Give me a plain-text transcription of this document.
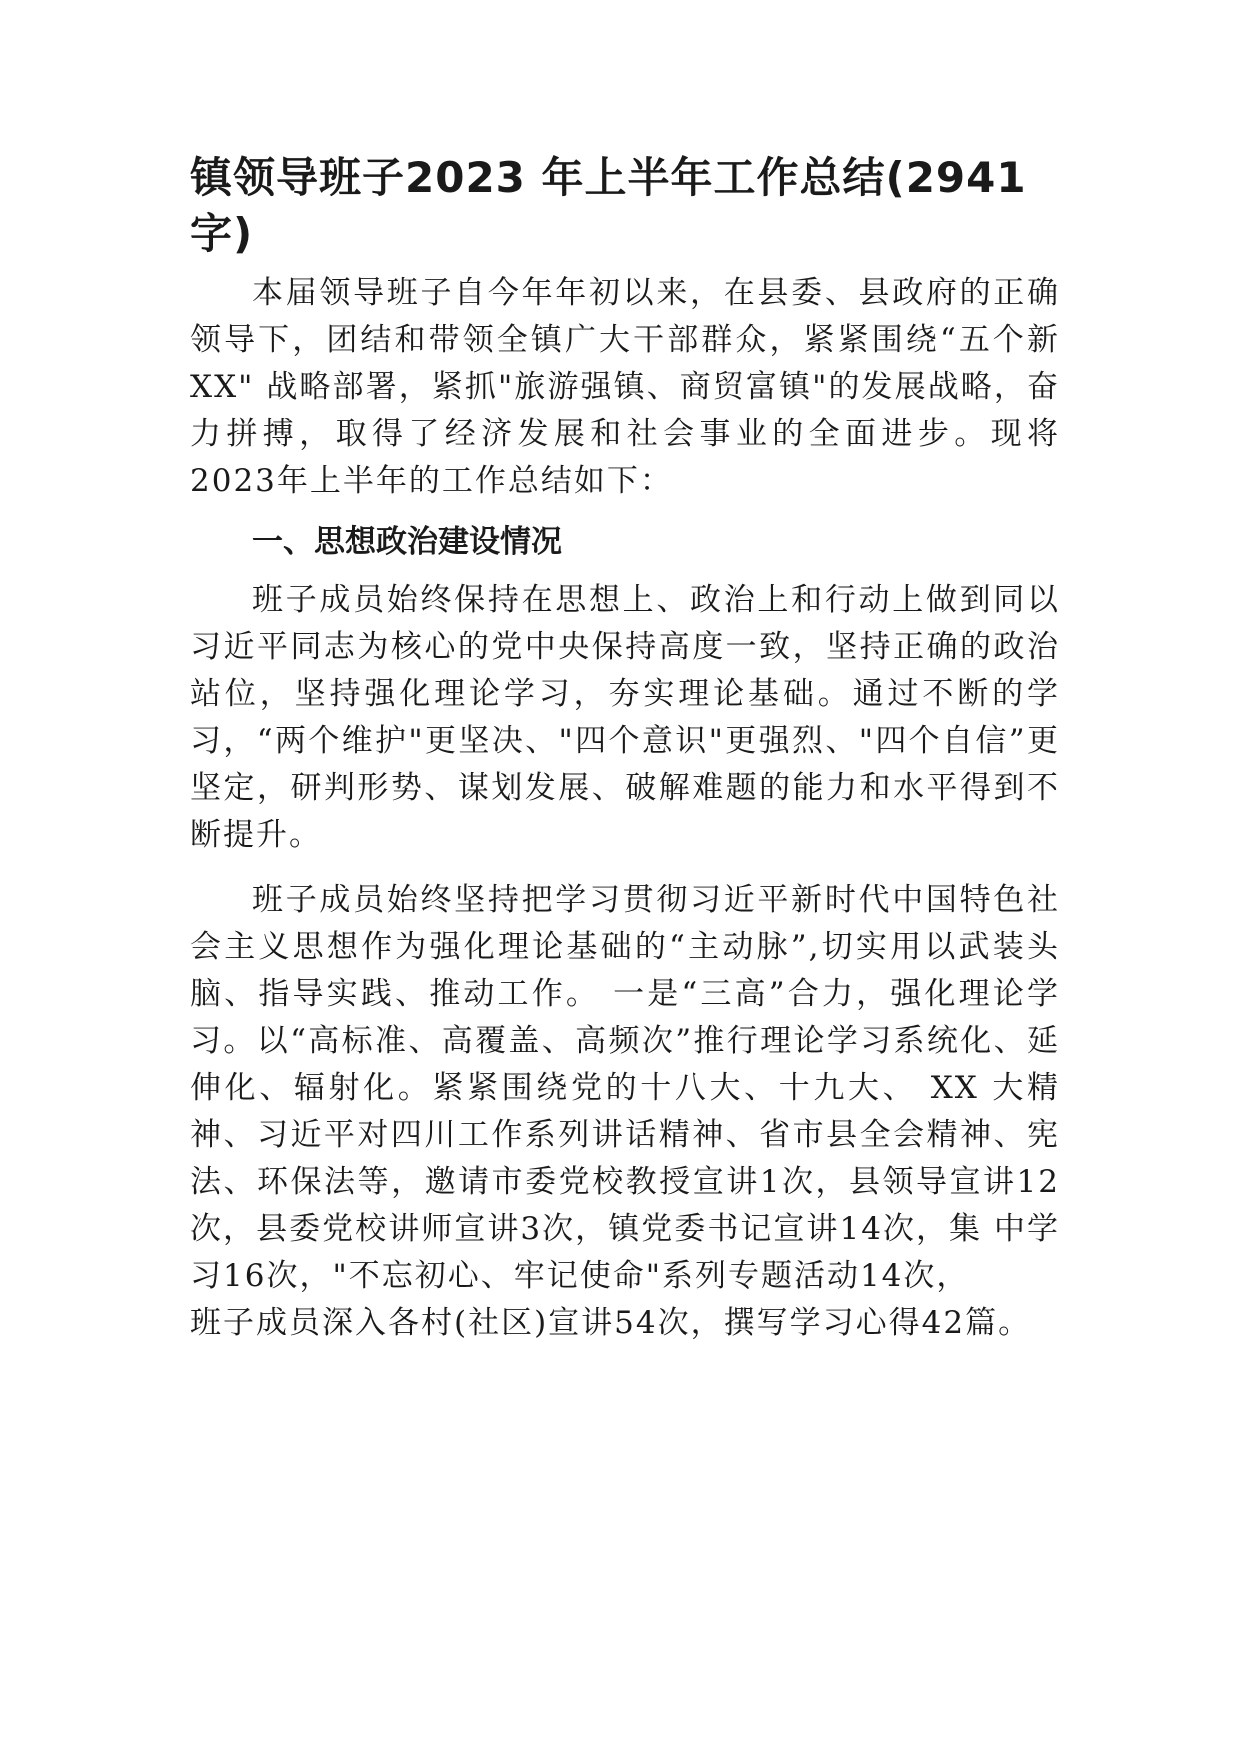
镇领导班子2023 年上半年工作总结(2941字)

本届领导班子自今年年初以来，在县委、县政府的正确领导下，团结和带领全镇广大干部群众，紧紧围绕“五个新XX" 战略部署，紧抓"旅游强镇、商贸富镇"的发展战略，奋力拼搏，取得了经济发展和社会事业的全面进步。现将2023年上半年的工作总结如下：

一、思想政治建设情况

班子成员始终保持在思想上、政治上和行动上做到同以习近平同志为核心的党中央保持高度一致，坚持正确的政治站位，坚持强化理论学习，夯实理论基础。通过不断的学习，“两个维护"更坚决、"四个意识"更强烈、"四个自信”更坚定，研判形势、谋划发展、破解难题的能力和水平得到不断提升。

班子成员始终坚持把学习贯彻习近平新时代中国特色社会主义思想作为强化理论基础的“主动脉”,切实用以武装头脑、指导实践、推动工作。 一是“三高”合力，强化理论学习。以“高标准、高覆盖、高频次”推行理论学习系统化、延伸化、辐射化。紧紧围绕党的十八大、十九大、 XX 大精神、习近平对四川工作系列讲话精神、省市县全会精神、宪法、环保法等，邀请市委党校教授宣讲1次，县领导宣讲12次，县委党校讲师宣讲3次，镇党委书记宣讲14次，集 中学习16次，"不忘初心、牢记使命"系列专题活动14次，

班子成员深入各村(社区)宣讲54次，撰写学习心得42篇。
